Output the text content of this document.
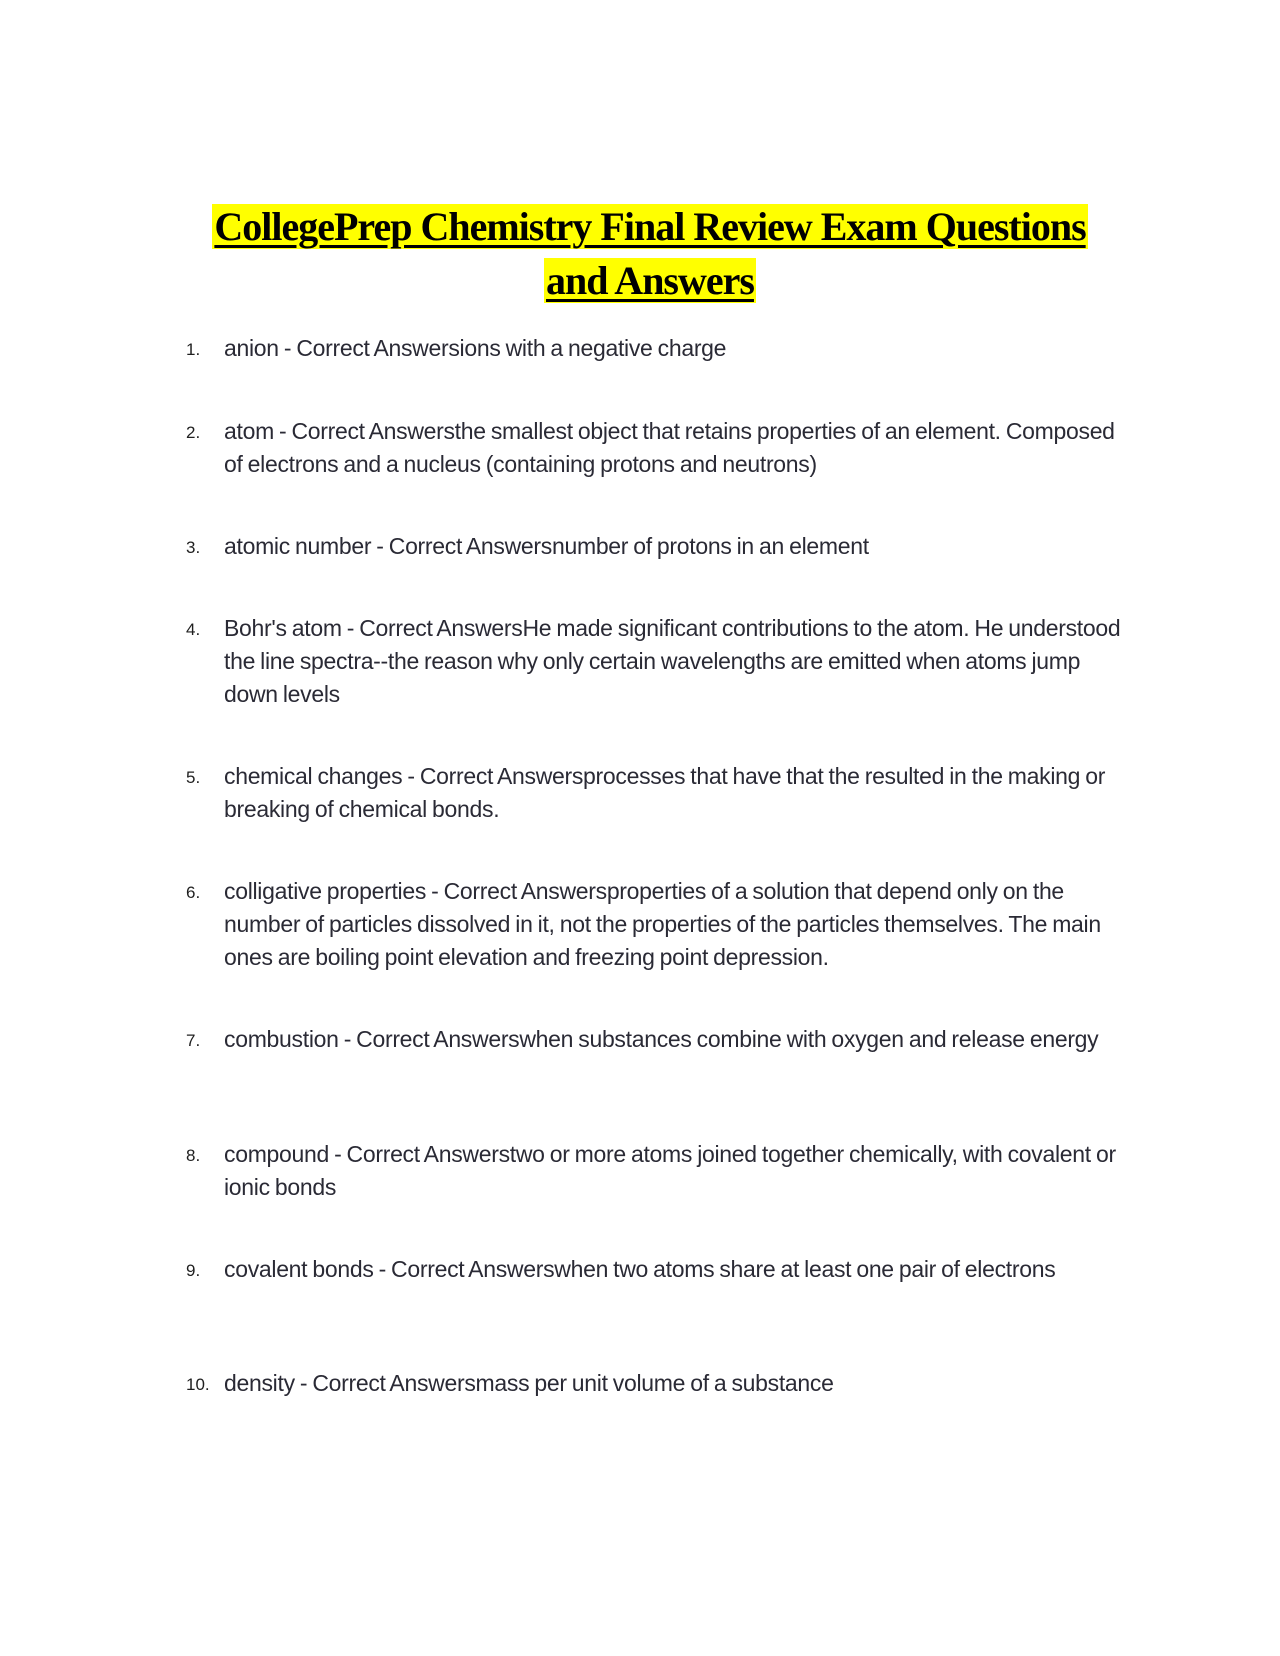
CollegePrep Chemistry Final Review Exam Questions
and Answers
1. anion - Correct Answersions with a negative charge
2. atom - Correct Answersthe smallest object that retains properties of an element. Composed of electrons and a nucleus (containing protons and neutrons)
3. atomic number - Correct Answersnumber of protons in an element
4. Bohr's atom - Correct AnswersHe made significant contributions to the atom. He understood the line spectra--the reason why only certain wavelengths are emitted when atoms jump down levels
5. chemical changes - Correct Answersprocesses that have that the resulted in the making or breaking of chemical bonds.
6. colligative properties - Correct Answersproperties of a solution that depend only on the number of particles dissolved in it, not the properties of the particles themselves. The main ones are boiling point elevation and freezing point depression.
7. combustion - Correct Answerswhen substances combine with oxygen and release energy
8. compound - Correct Answerstwo or more atoms joined together chemically, with covalent or ionic bonds
9. covalent bonds - Correct Answerswhen two atoms share at least one pair of electrons
10. density - Correct Answersmass per unit volume of a substance
